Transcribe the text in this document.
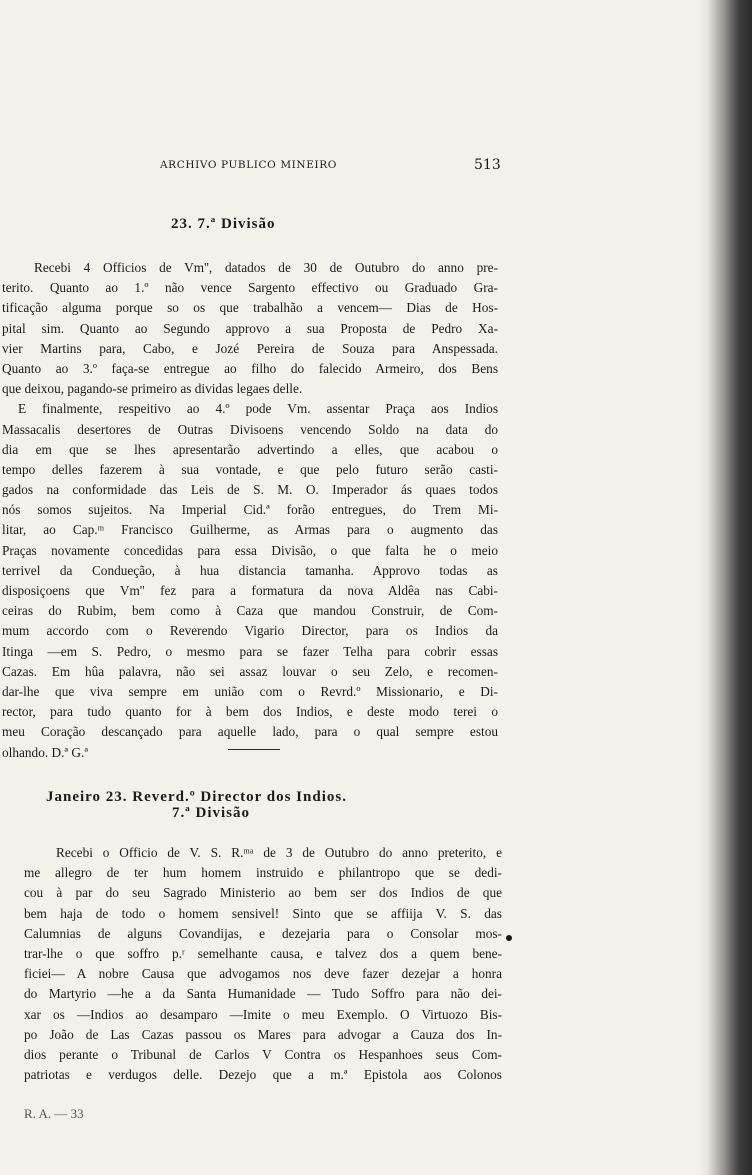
ARCHIVO PUBLICO MINEIRO	513
23. 7.ª Divisão
Recebi 4 Officios de Vm'', datados de 30 de Outubro do anno pre-
terito. Quanto ao 1.º não vence Sargento effectivo ou Graduado Gra-
tificação alguma porque so os que trabalhão a vencem— Dias de Hos-
pital sim. Quanto ao Segundo approvo a sua Proposta de Pedro Xa-
vier Martins para, Cabo, e Jozé Pereira de Souza para Anspessada.
Quanto ao 3.º faça-se entregue ao filho do falecido Armeiro, dos Bens
que deixou, pagando-se primeiro as dividas legaes delle.
E finalmente, respeitivo ao 4.º pode Vm. assentar Praça aos Indios
Massacalis desertores de Outras Divisoens vencendo Soldo na data do
dia em que se lhes apresentarão advertindo a elles, que acabou o
tempo delles fazerem à sua vontade, e que pelo futuro serão casti-
gados na conformidade das Leis de S. M. O. Imperador ás quaes todos
nós somos sujeitos. Na Imperial Cid.ª forão entregues, do Trem Mi-
litar, ao Cap.ᵐ Francisco Guilherme, as Armas para o augmento das
Praças novamente concedidas para essa Divisão, o que falta he o meio
terrivel da Condueção, à hua distancia tamanha. Approvo todas as
disposiçoens que Vm'' fez para a formatura da nova Aldêa nas Cabi-
ceiras do Rubim, bem como à Caza que mandou Construir, de Com-
mum accordo com o Reverendo Vigario Director, para os Indios da
Itinga —em S. Pedro, o mesmo para se fazer Telha para cobrir essas
Cazas. Em hûa palavra, não sei assaz louvar o seu Zelo, e recomen-
dar-lhe que viva sempre em união com o Revrd.º Missionario, e Di-
rector, para tudo quanto for à bem dos Indios, e deste modo terei o
meu Coração descançado para aquelle lado, para o qual sempre estou
olhando. D.ª G.ª
Janeiro 23. Reverd.º Director dos Indios.
7.ª Divisão
Recebi o Officio de V. S. R.ᵐᵃ de 3 de Outubro do anno preterito, e
me allegro de ter hum homem instruido e philantropo que se dedi-
cou à par do seu Sagrado Ministerio ao bem ser dos Indios de que
bem haja de todo o homem sensivel! Sinto que se affiija V. S. das
Calumnias de alguns Covandijas, e dezejaria para o Consolar mos-
trar-lhe o que soffro p.ʳ semelhante causa, e talvez dos a quem bene-
ficiei— A nobre Causa que advogamos nos deve fazer dezejar a honra
do Martyrio —he a da Santa Humanidade — Tudo Soffro para não dei-
xar os —Indios ao desamparo —Imite o meu Exemplo. O Virtuozo Bis-
po João de Las Cazas passou os Mares para advogar a Cauza dos In-
dios perante o Tribunal de Carlos V Contra os Hespanhoes seus Com-
patriotas e verdugos delle. Dezejo que a m.ª Epistola aos Colonos
R. A. — 33
